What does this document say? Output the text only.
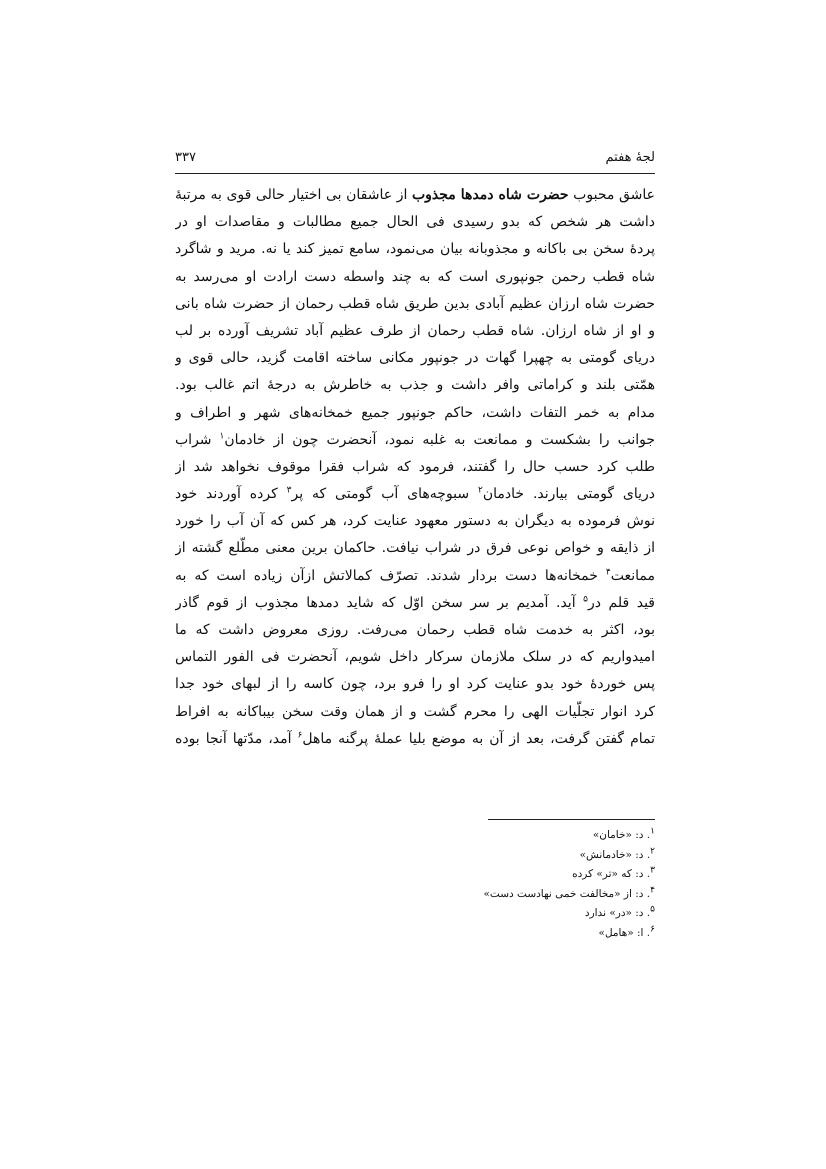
لجۀ هفتم
۳۳۷
عاشق محبوب حضرت شاه دمدها مجذوب از عاشقان بی اختیار حالی قوی به مرتبۀ
داشت هر شخص که بدو رسیدی فی الحال جمیع مطالبات و مقاصدات او در
پردۀ سخن بی باکانه و مجذوبانه بیان می‌نمود، سامع تمیز کند یا نه. مرید و شاگرد
شاه قطب رحمن جونپوری است که به چند واسطه دست ارادت او می‌رسد به
حضرت شاه ارزان عظیم آبادی بدین طریق شاه قطب رحمان از حضرت شاه بانی
و او از شاه ارزان. شاه قطب رحمان از طرف عظیم آباد تشریف آورده بر لب
دریای گومتی به چهپرا گهات در جونپور مکانی ساخته اقامت گزید، حالی قوی و
همّتی بلند و کراماتی وافر داشت و جذب به خاطرش به درجۀ اتم غالب بود.
مدام به خمر التفات داشت، حاکم جونپور جمیع خمخانه‌های شهر و اطراف و
جوانب را بشکست و ممانعت به غلبه نمود، آنحضرت چون از خادمان$^۱$ شراب
طلب کرد حسب حال را گفتند، فرمود که شراب فقرا موقوف نخواهد شد از
دریای گومتی بیارند. خادمان$^۲$ سبوچه‌های آب گومتی که پر$^۳$ کرده آوردند خود
نوش فرموده به دیگران به دستور معهود عنایت کرد، هر کس که آن آب را خورد
از ذایقه و خواص نوعی فرق در شراب نیافت. حاکمان برین معنی مطّلع گشته از
ممانعت$^۴$ خمخانه‌ها دست بردار شدند. تصرّف کمالاتش ازآن زیاده است که به
قید قلم در$^۵$ آید. آمدیم بر سر سخن اوّل که شاید دمدها مجذوب از قوم گاذر
بود، اکثر به خدمت شاه قطب رحمان می‌رفت. روزی معروض داشت که ما
امیدواریم که در سلک ملازمان سرکار داخل شویم، آنحضرت فی الفور التماس
پس خوردۀ خود بدو عنایت کرد او را فرو برد، چون کاسه را از لبهای خود جدا
کرد انوار تجلّیات الهی را محرم گشت و از همان وقت سخن بیباکانه به افراط
تمام گفتن گرفت، بعد از آن به موضع بلیا عملۀ پرگنه ماهل$^۶$ آمد، مدّتها آنجا بوده
$^۱$. د: «خامان»
$^۲$. د: «خادمانش»
$^۳$. د: که «تر» کرده
$^۴$. د: از «مخالفت خمی نهادست دست»
$^۵$. د: «در» ندارد
$^۶$. ا: «هامل»
